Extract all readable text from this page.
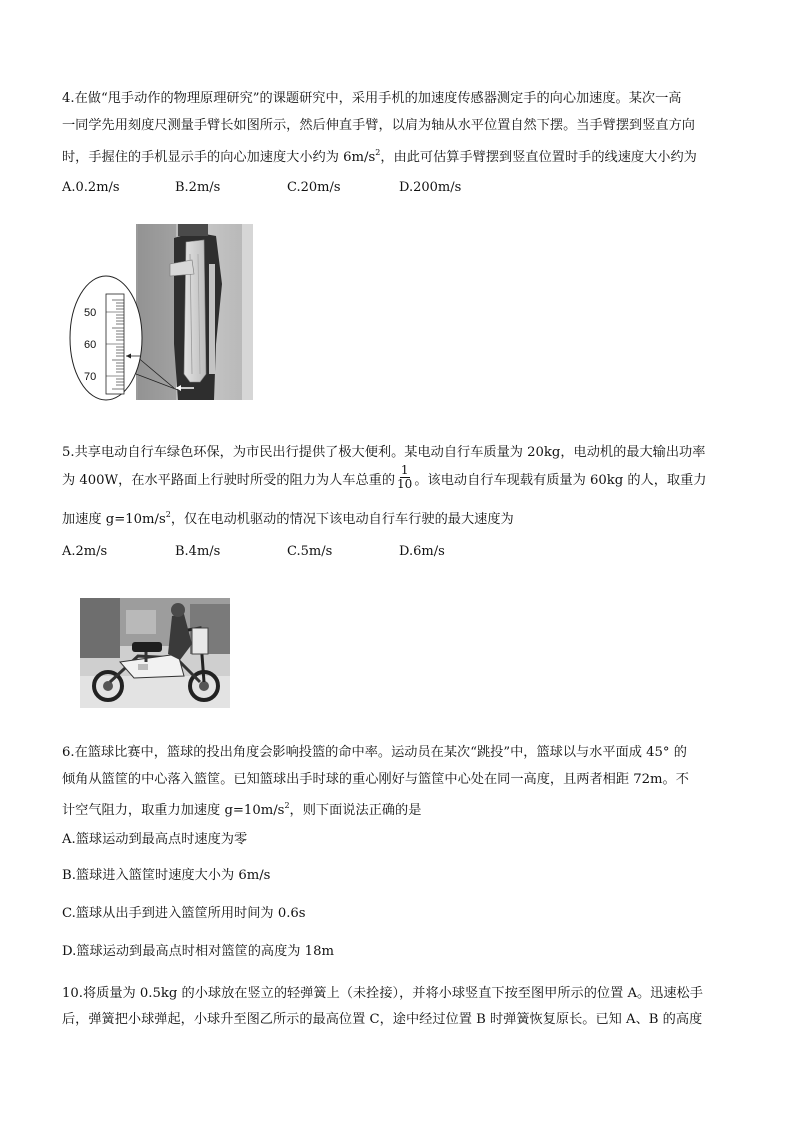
4.在做“甩手动作的物理原理研究”的课题研究中，采用手机的加速度传感器测定手的向心加速度。某次一高
一同学先用刻度尺测量手臂长如图所示，然后伸直手臂，以肩为轴从水平位置自然下摆。当手臂摆到竖直方向
时，手握住的手机显示手的向心加速度大小约为 $6m/s^2$，由此可估算手臂摆到竖直位置时手的线速度大小约为
A.0.2m/s	B.2m/s	C.20m/s	D.200m/s
50
60
70
5.共享电动自行车绿色环保，为市民出行提供了极大便利。某电动自行车质量为 20kg，电动机的最大输出功率
为 400W，在水平路面上行驶时所受的阻力为人车总重的 $\frac{1}{10}$ 。该电动自行车现载有质量为 60kg 的人，取重力
加速度 $g=10m/s^2$，仅在电动机驱动的情况下该电动自行车行驶的最大速度为
A.2m/s	B.4m/s	C.5m/s	D.6m/s
6.在篮球比赛中，篮球的投出角度会影响投篮的命中率。运动员在某次“跳投”中，篮球以与水平面成 45° 的
倾角从篮筐的中心落入篮筐。已知篮球出手时球的重心刚好与篮筐中心处在同一高度，且两者相距 72m。不
计空气阻力，取重力加速度 $g=10m/s^2$，则下面说法正确的是
A.篮球运动到最高点时速度为零
B.篮球进入篮筐时速度大小为 6m/s
C.篮球从出手到进入篮筐所用时间为 0.6s
D.篮球运动到最高点时相对篮筐的高度为 18m
10.将质量为 0.5kg 的小球放在竖立的轻弹簧上（未拴接），并将小球竖直下按至图甲所示的位置 A。迅速松手
后，弹簧把小球弹起，小球升至图乙所示的最高位置 C，途中经过位置 B 时弹簧恢复原长。已知 A、B 的高度
